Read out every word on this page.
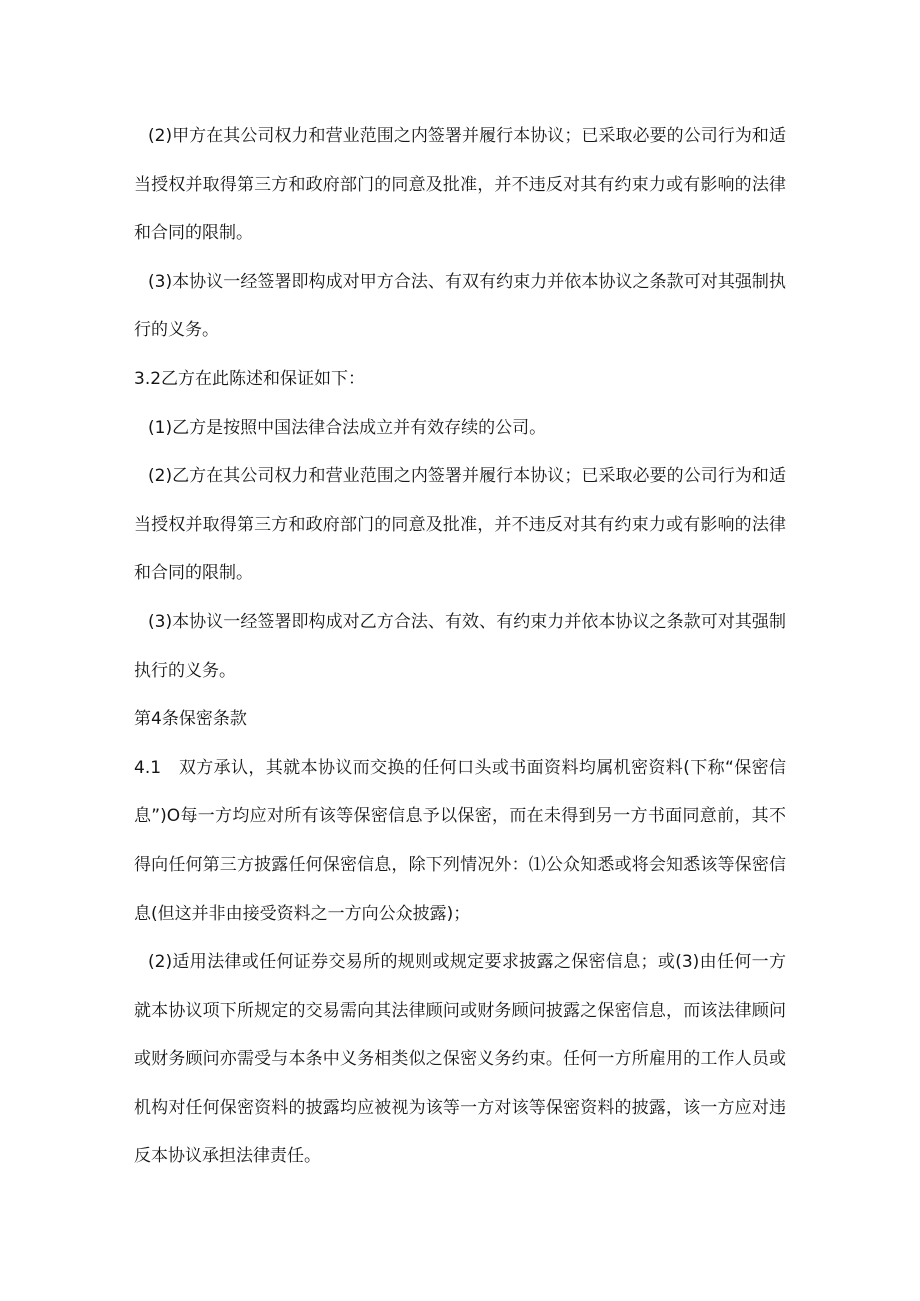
(2)甲方在其公司权力和营业范围之内签署并履行本协议；已采取必要的公司行为和适当授权并取得第三方和政府部门的同意及批准，并不违反对其有约束力或有影响的法律和合同的限制。

(3)本协议一经签署即构成对甲方合法、有双有约束力并依本协议之条款可对其强制执行的义务。

3.2乙方在此陈述和保证如下：

(1)乙方是按照中国法律合法成立并有效存续的公司。

(2)乙方在其公司权力和营业范围之内签署并履行本协议；已采取必要的公司行为和适当授权并取得第三方和政府部门的同意及批准，并不违反对其有约束力或有影响的法律和合同的限制。

(3)本协议一经签署即构成对乙方合法、有效、有约束力并依本协议之条款可对其强制执行的义务。

第4条保密条款

4.1　双方承认，其就本协议而交换的任何口头或书面资料均属机密资料(下称“保密信息”)O每一方均应对所有该等保密信息予以保密，而在未得到另一方书面同意前，其不得向任何第三方披露任何保密信息，除下列情况外：⑴公众知悉或将会知悉该等保密信息(但这并非由接受资料之一方向公众披露)；

(2)适用法律或任何证券交易所的规则或规定要求披露之保密信息；或(3)由任何一方就本协议项下所规定的交易需向其法律顾问或财务顾问披露之保密信息，而该法律顾问或财务顾问亦需受与本条中义务相类似之保密义务约束。任何一方所雇用的工作人员或机构对任何保密资料的披露均应被视为该等一方对该等保密资料的披露，该一方应对违反本协议承担法律责任。
